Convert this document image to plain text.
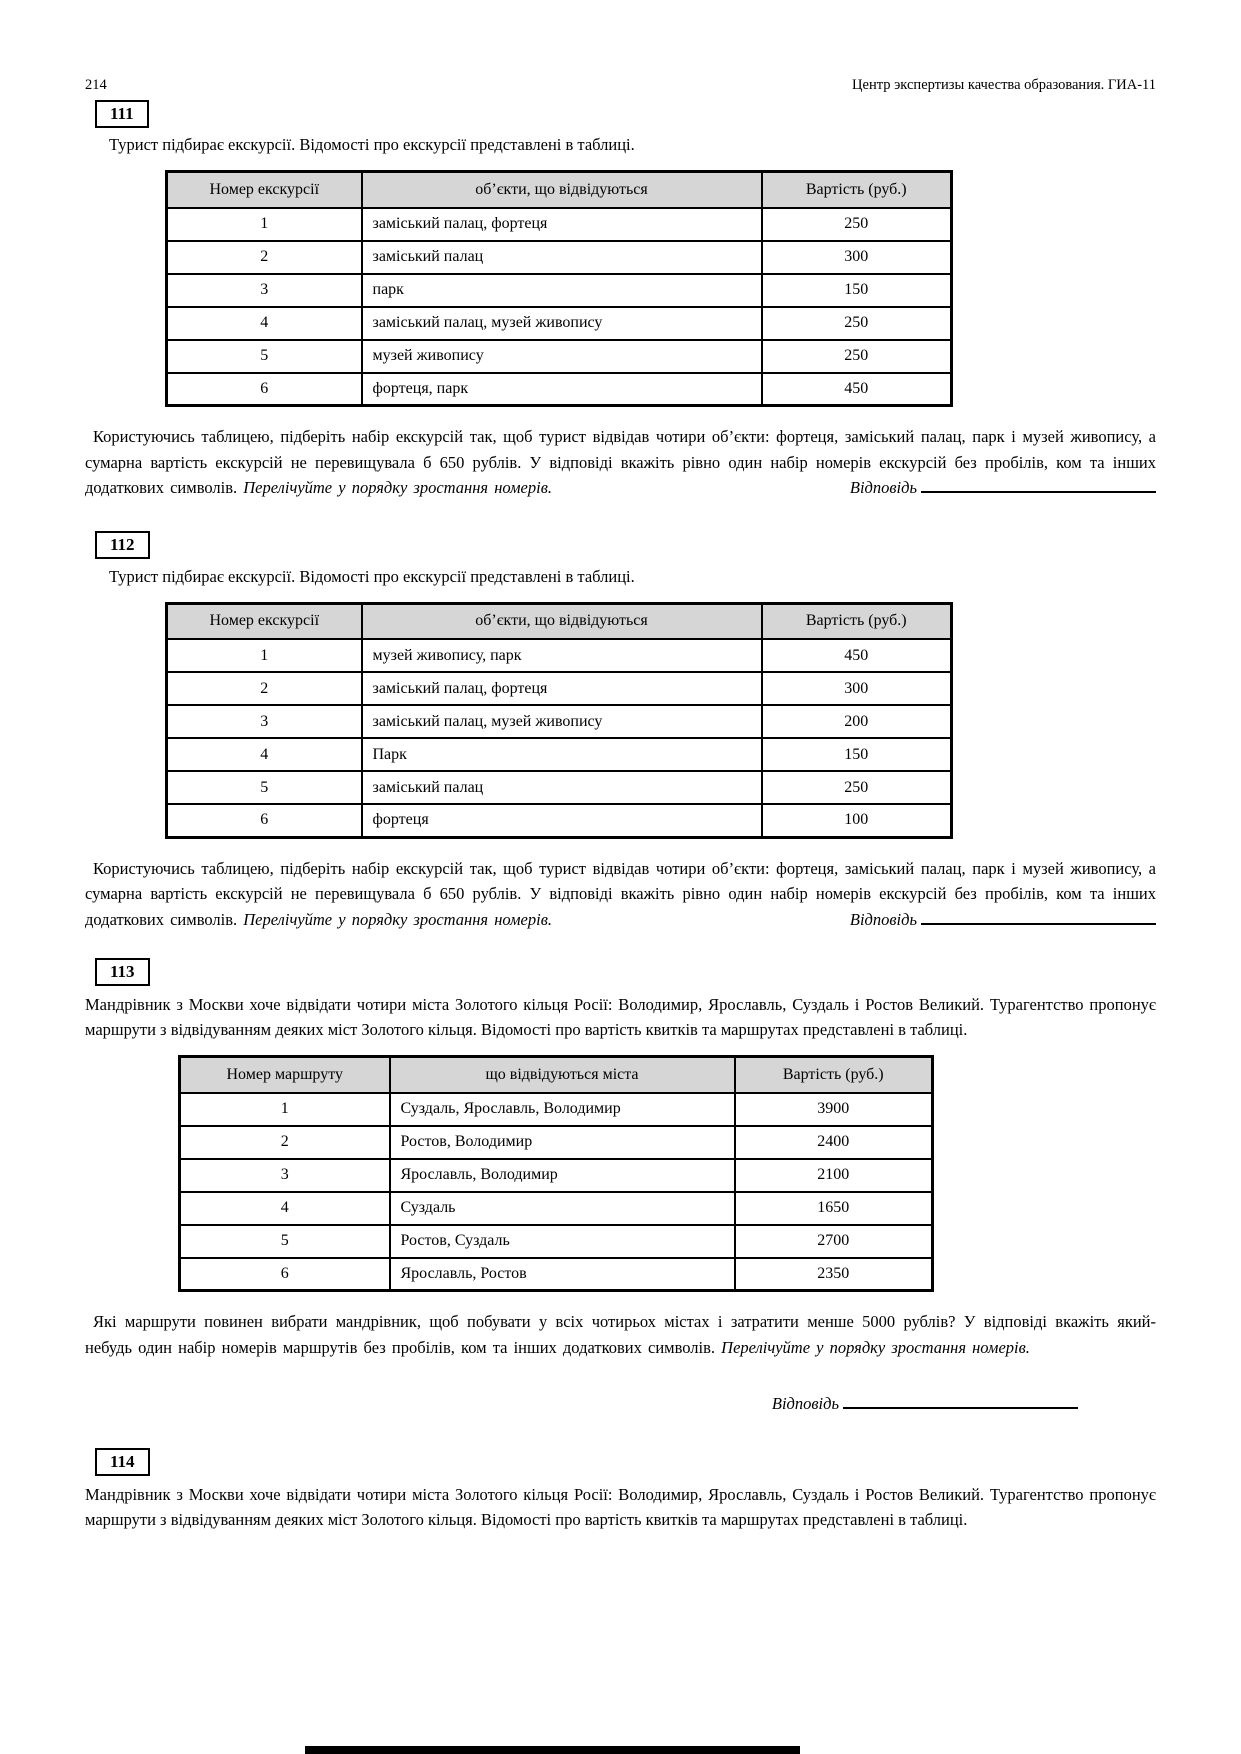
214	Центр экспертизы качества образования. ГИА-11
111

Турист підбирає екскурсії. Відомості про екскурсії представлені в таблиці.

Номер екскурсії	об’єкти, що відвідуються	Вартість (руб.)
1	заміський палац, фортеця	250
2	заміський палац	300
3	парк	150
4	заміський палац, музей живопису	250
5	музей живопису	250
6	фортеця, парк	450

Користуючись таблицею, підберіть набір екскурсій так, щоб турист відвідав чотири об’єкти: фортеця, заміський палац, парк і музей живопису, а сумарна вартість екскурсій не перевищувала б 650 рублів. У відповіді вкажіть рівно один набір номерів екскурсій без пробілів, ком та інших додаткових символів. Перелічуйте у порядку зростання номерів.	Відповідь

112

Турист підбирає екскурсії. Відомості про екскурсії представлені в таблиці.

Номер екскурсії	об’єкти, що відвідуються	Вартість (руб.)
1	музей живопису, парк	450
2	заміський палац, фортеця	300
3	заміський палац, музей живопису	200
4	Парк	150
5	заміський палац	250
6	фортеця	100

Користуючись таблицею, підберіть набір екскурсій так, щоб турист відвідав чотири об’єкти: фортеця, заміський палац, парк і музей живопису, а сумарна вартість екскурсій не перевищувала б 650 рублів. У відповіді вкажіть рівно один набір номерів екскурсій без пробілів, ком та інших додаткових символів. Перелічуйте у порядку зростання номерів.	Відповідь

113

Мандрівник з Москви хоче відвідати чотири міста Золотого кільця Росії: Володимир, Ярославль, Суздаль і Ростов Великий. Турагентство пропонує маршрути з відвідуванням деяких міст Золотого кільця. Відомості про вартість квитків та маршрутах представлені в таблиці.

Номер маршруту	що відвідуються міста	Вартість (руб.)
1	Суздаль, Ярославль, Володимир	3900
2	Ростов, Володимир	2400
3	Ярославль, Володимир	2100
4	Суздаль	1650
5	Ростов, Суздаль	2700
6	Ярославль, Ростов	2350

Які маршрути повинен вибрати мандрівник, щоб побувати у всіх чотирьох містах і затратити менше 5000 рублів? У відповіді вкажіть який-небудь один набір номерів маршрутів без пробілів, ком та інших додаткових символів. Перелічуйте у порядку зростання номерів.

Відповідь
114

Мандрівник з Москви хоче відвідати чотири міста Золотого кільця Росії: Володимир, Ярославль, Суздаль і Ростов Великий. Турагентство пропонує маршрути з відвідуванням деяких міст Золотого кільця. Відомості про вартість квитків та маршрутах представлені в таблиці.
